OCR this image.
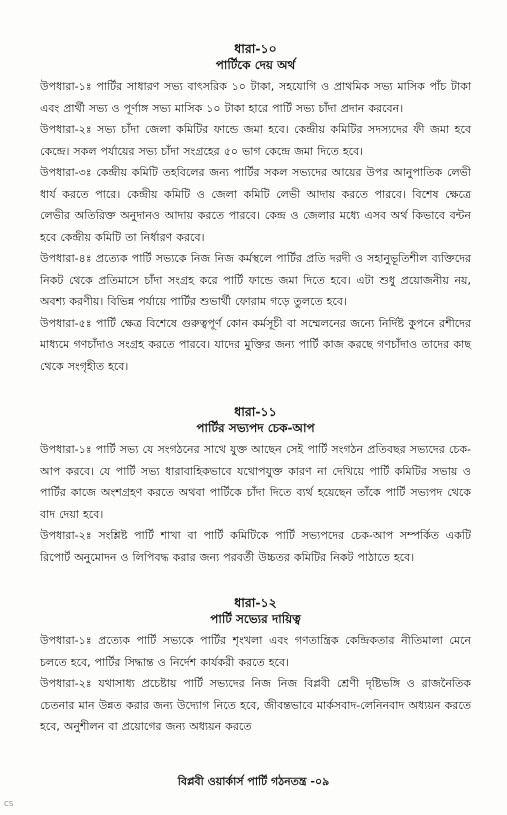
ধারা-১০
পার্টিকে দেয় অর্থ

উপধারা-১ঃ পার্টির সাধারণ সভ্য বাৎসরিক ১০ টাকা, সহযোগি ও প্রাথমিক সভ্য মাসিক পাঁচ টাকা এবং প্রার্থী সভ্য ও পূর্ণাঙ্গ সভ্য মাসিক ১০ টাকা হারে পার্টি সভ্য চাঁদা প্রদান করবেন।

উপধারা-২ঃ সভ্য চাঁদা জেলা কমিটির ফান্ডে জমা হবে। কেন্দ্রীয় কমিটির সদস্যদের ফী জমা হবে কেন্দ্রে। সকল পর্যায়ের সভ্য চাঁদা সংগ্রহের ৫০ ভাগ কেন্দ্রে জমা দিতে হবে।

উপধারা-৩ঃ কেন্দ্রীয় কমিটি তহবিলের জন্য পার্টির সকল সভ্যদের আয়ের উপর আনুপাতিক লেভী ধার্য করতে পারে। কেন্দ্রীয় কমিটি ও জেলা কমিটি লেভী আদায় করতে পারবে। বিশেষ ক্ষেত্রে লেভীর অতিরিক্ত অনুদানও আদায় করতে পারবে। কেন্দ্র ও জেলার মধ্যে এসব অর্থ কিভাবে বন্টন হবে কেন্দ্রীয় কমিটি তা নির্ধারণ করবে।

উপধারা-৪ঃ প্রত্যেক পার্টি সভ্যকে নিজ নিজ কর্মস্থলে পার্টির প্রতি দরদী ও সহানুভূতিশীল ব্যক্তিদের নিকট থেকে প্রতিমাসে চাঁদা সংগ্রহ করে পার্টি ফান্ডে জমা দিতে হবে। এটা শুধু প্রয়োজনীয় নয়, অবশ্য করণীয়। বিভিন্ন পর্যায়ে পার্টির শুভার্থী ফোরাম গড়ে তুলতে হবে।

উপধারা-৫ঃ পার্টি ক্ষেত্র বিশেষে গুরুত্বপূর্ণ কোন কর্মসূচী বা সম্মেলনের জন্যে নির্দিষ্ট কুপনে রশীদের মাধ্যমে গণচাঁদাও সংগ্রহ করতে পারবে। যাদের মুক্তির জন্য পার্টি কাজ করছে গণচাঁদাও তাদের কাছ থেকে সংগৃহীত হবে।

ধারা-১১
পার্টির সভ্যপদ চেক-আপ

উপধারা-১ঃ পার্টি সভ্য যে সংগঠনের সাথে যুক্ত আছেন সেই পার্টি সংগঠন প্রতিবছর সভ্যদের চেক-আপ করবে। যে পার্টি সভ্য ধারাবাহিকভাবে যথোপযুক্ত কারণ না দেখিয়ে পার্টি কমিটির সভায় ও পার্টির কাজে অংশগ্রহণ করতে অথবা পার্টিকে চাঁদা দিতে ব্যর্থ হয়েছেন তাঁকে পার্টি সভ্যপদ থেকে বাদ দেয়া হবে।

উপধারা-২ঃ সংশ্লিষ্ট পার্টি শাখা বা পার্টি কমিটিকে পার্টি সভ্যপদের চেক-আপ সম্পর্কিত একটি রিপোর্ট অনুমোদন ও লিপিবদ্ধ করার জন্য পরবর্তী উচ্চতর কমিটির নিকট পাঠাতে হবে।

ধারা-১২
পার্টি সভ্যের দায়িত্ব

উপধারা-১ঃ প্রত্যেক পার্টি সভ্যকে পার্টির শৃংখলা এবং গণতান্ত্রিক কেন্দ্রিকতার নীতিমালা মেনে চলতে হবে, পার্টির সিদ্ধান্ত ও নির্দেশ কার্যকরী করতে হবে।

উপধারা-২ঃ যথাসাধ্য প্রচেষ্টায় পার্টি সভ্যদের নিজ নিজ বিপ্লবী শ্রেণী দৃষ্টিভঙ্গি ও রাজনৈতিক চেতনার মান উন্নত করার জন্য উদ্যোগ নিতে হবে, জীবন্তভাবে মার্কসবাদ-লেনিনবাদ অধ্যয়ন করতে হবে, অনুশীলন বা প্রয়োগের জন্য অধ্যয়ন করতে

বিপ্লবী ওয়ার্কার্স পার্টি গঠনতন্ত্র -০৯
CS
